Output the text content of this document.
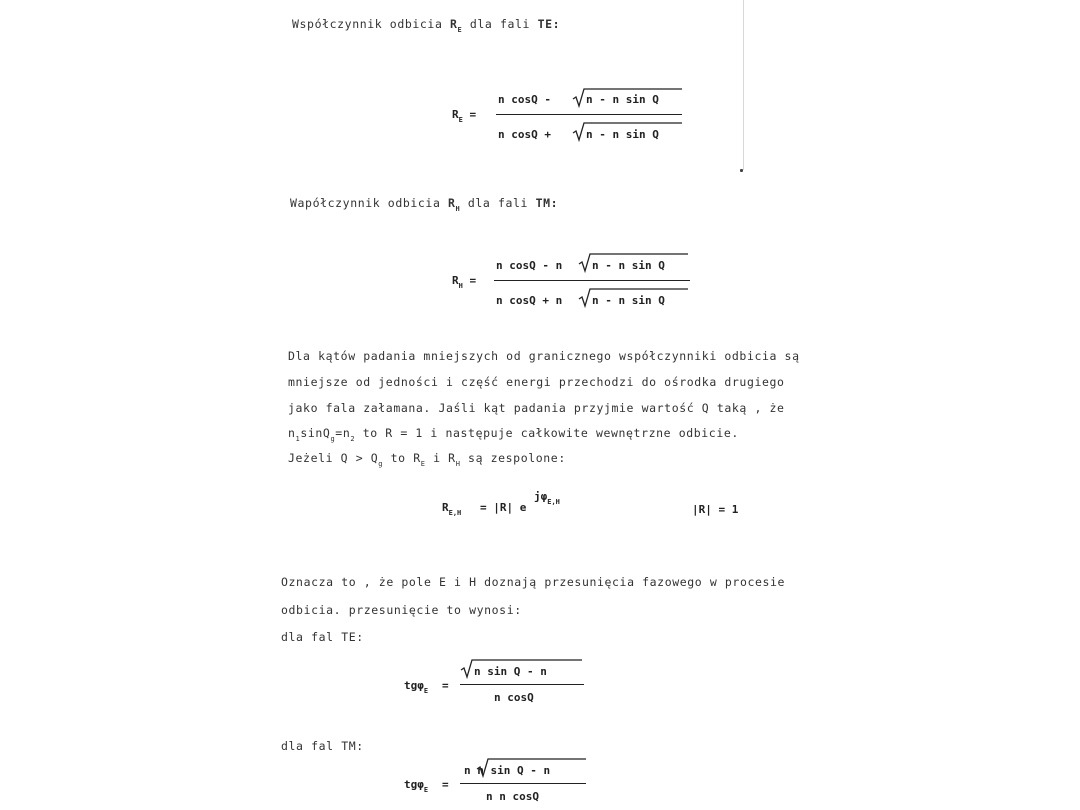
Współczynnik odbicia $R_E$ dla fali TE:
$R_E$ =
n cosQ -	n - n sin Q
n cosQ +	n - n sin Q
Wapółczynnik odbicia $R_H$ dla fali TM:
$R_H$ =
n cosQ - n	n - n sin Q
n cosQ + n	n - n sin Q
Dla kątów padania mniejszych od granicznego współczynniki odbicia są
mniejsze od jedności i część energi przechodzi do ośrodka drugiego
jako fala załamana. Jaśli kąt padania przyjmie wartość Q taką , że
$n_1\sin Q_g=n_2$ to R = 1 i następuje całkowite wewnętrzne odbicie.
Jeżeli $Q > Q_g$ to $R_E$ i $R_H$ są zespolone:
$R_{E,H} = |R|$ e
$j\varphi_{E,H}$
|R| = 1
Oznacza to , że pole E i H doznają przesunięcia fazowego w procesie
odbicia. przesunięcie to wynosi:
dla fal TE:
tgφ$_E$ =
n sin Q - n
n cosQ
dla fal TM:
tgφ$_E$ =
n n sin Q - n
n n cosQ
